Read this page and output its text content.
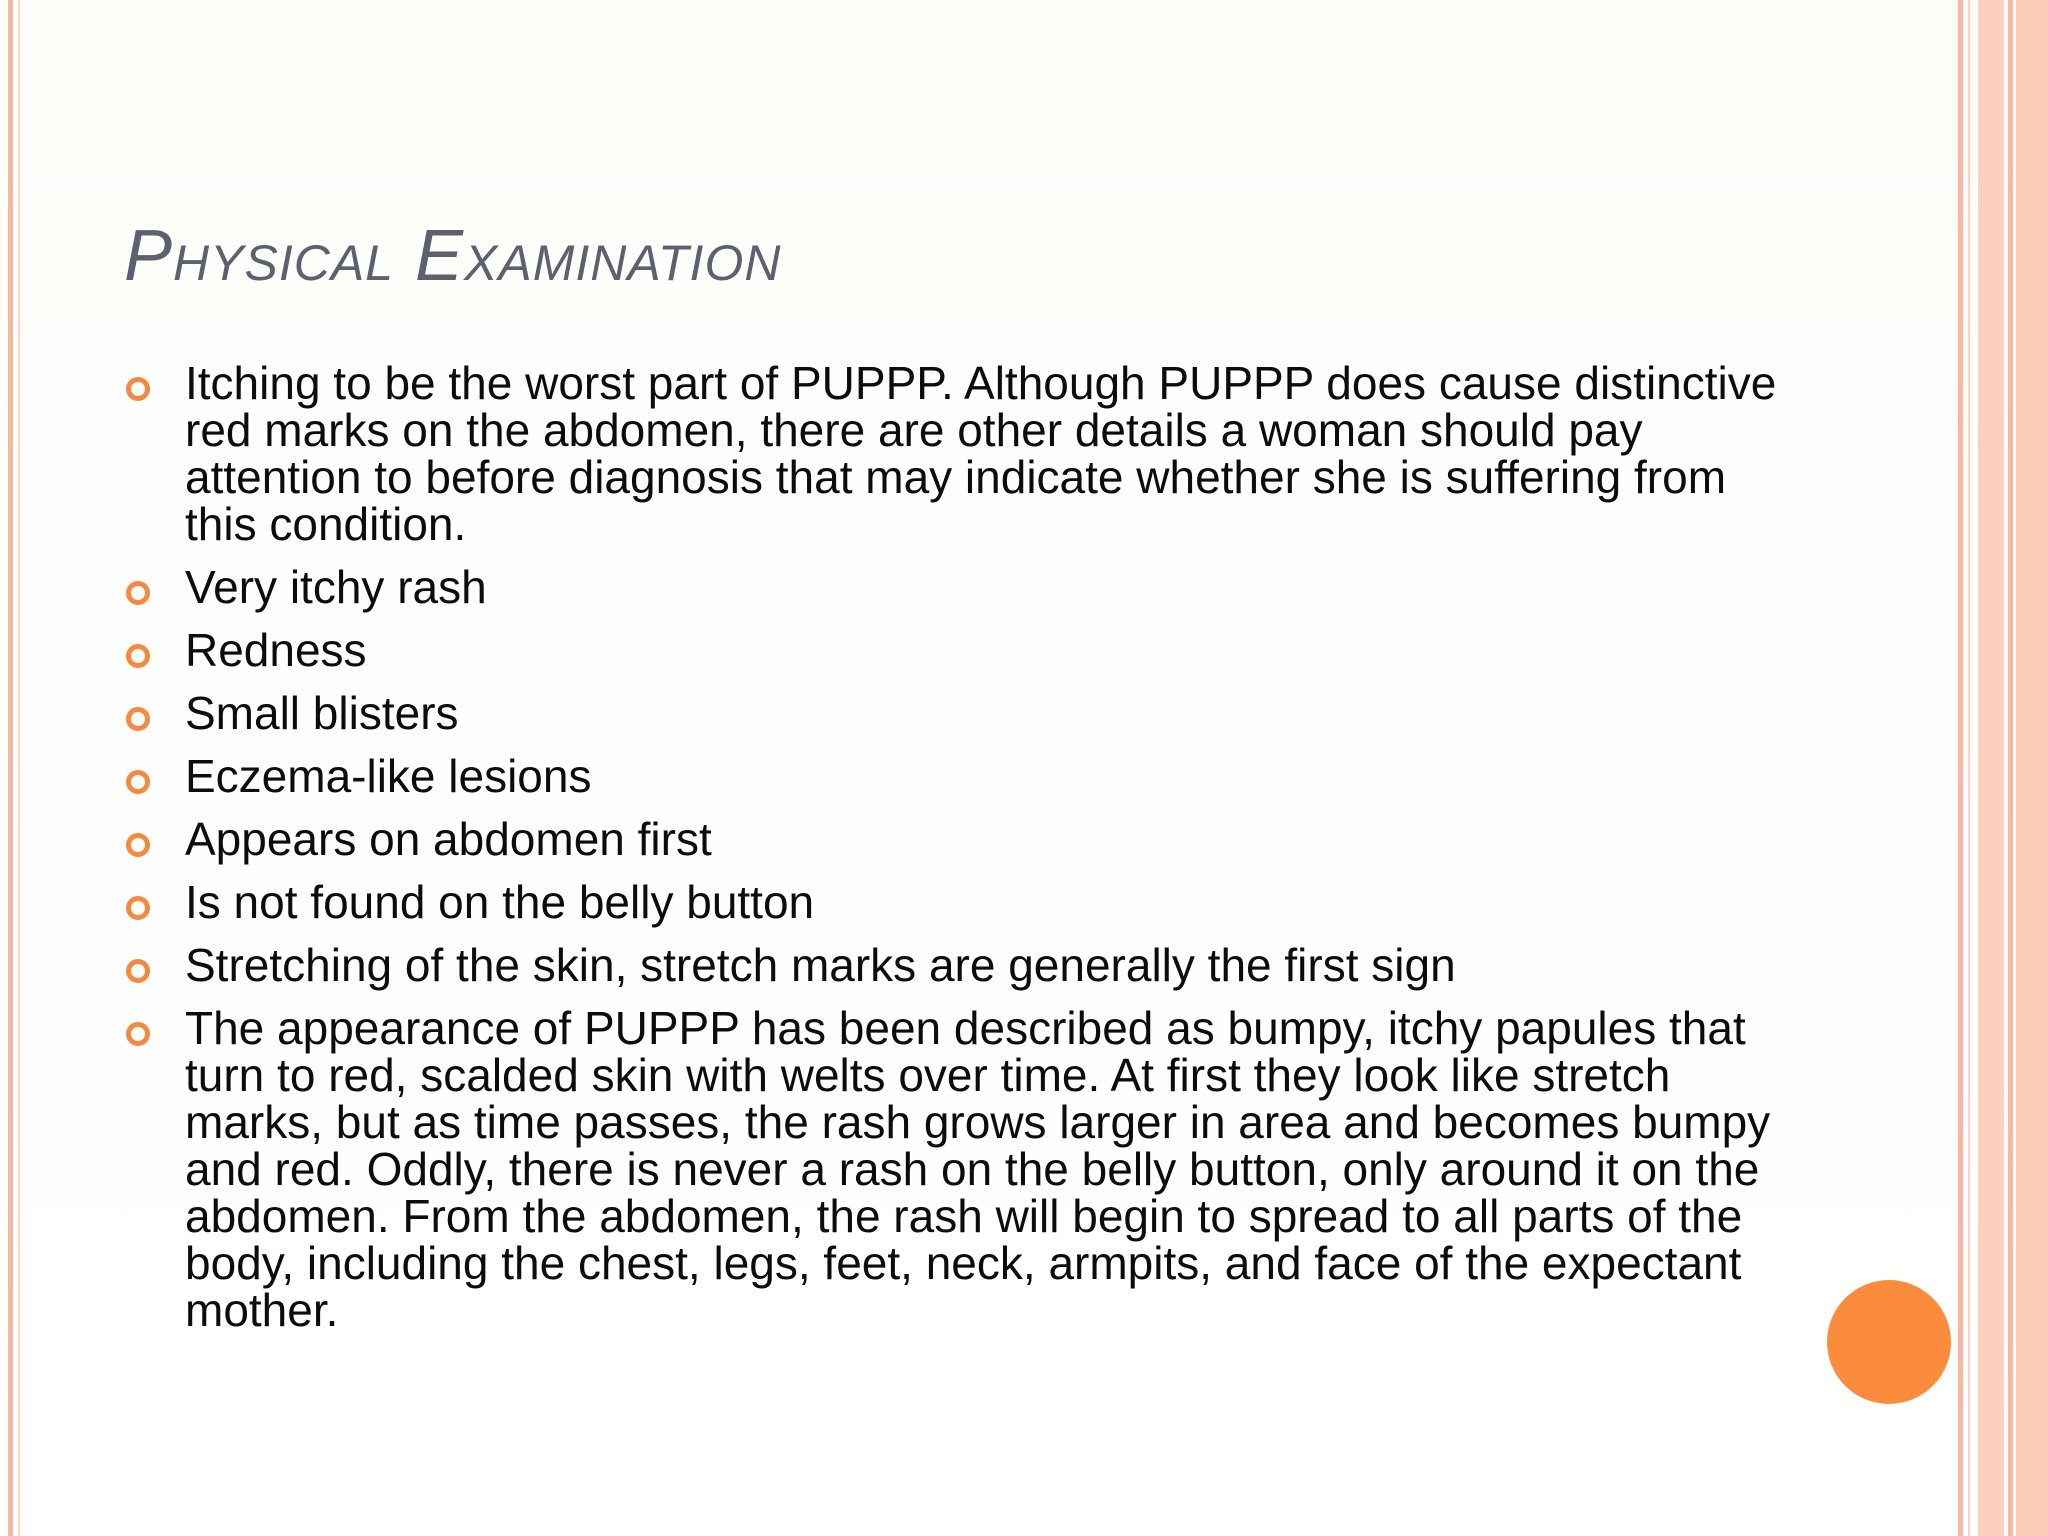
Physical Examination
Itching to be the worst part of PUPPP. Although PUPPP does cause distinctive red marks on the abdomen, there are other details a woman should pay attention to before diagnosis that may indicate whether she is suffering from this condition.
Very itchy rash
Redness
Small blisters
Eczema-like lesions
Appears on abdomen first
Is not found on the belly button
Stretching of the skin, stretch marks are generally the first sign
The appearance of PUPPP has been described as bumpy, itchy papules that turn to red, scalded skin with welts over time. At first they look like stretch marks, but as time passes, the rash grows larger in area and becomes bumpy and red. Oddly, there is never a rash on the belly button, only around it on the abdomen. From the abdomen, the rash will begin to spread to all parts of the body, including the chest, legs, feet, neck, armpits, and face of the expectant mother.
